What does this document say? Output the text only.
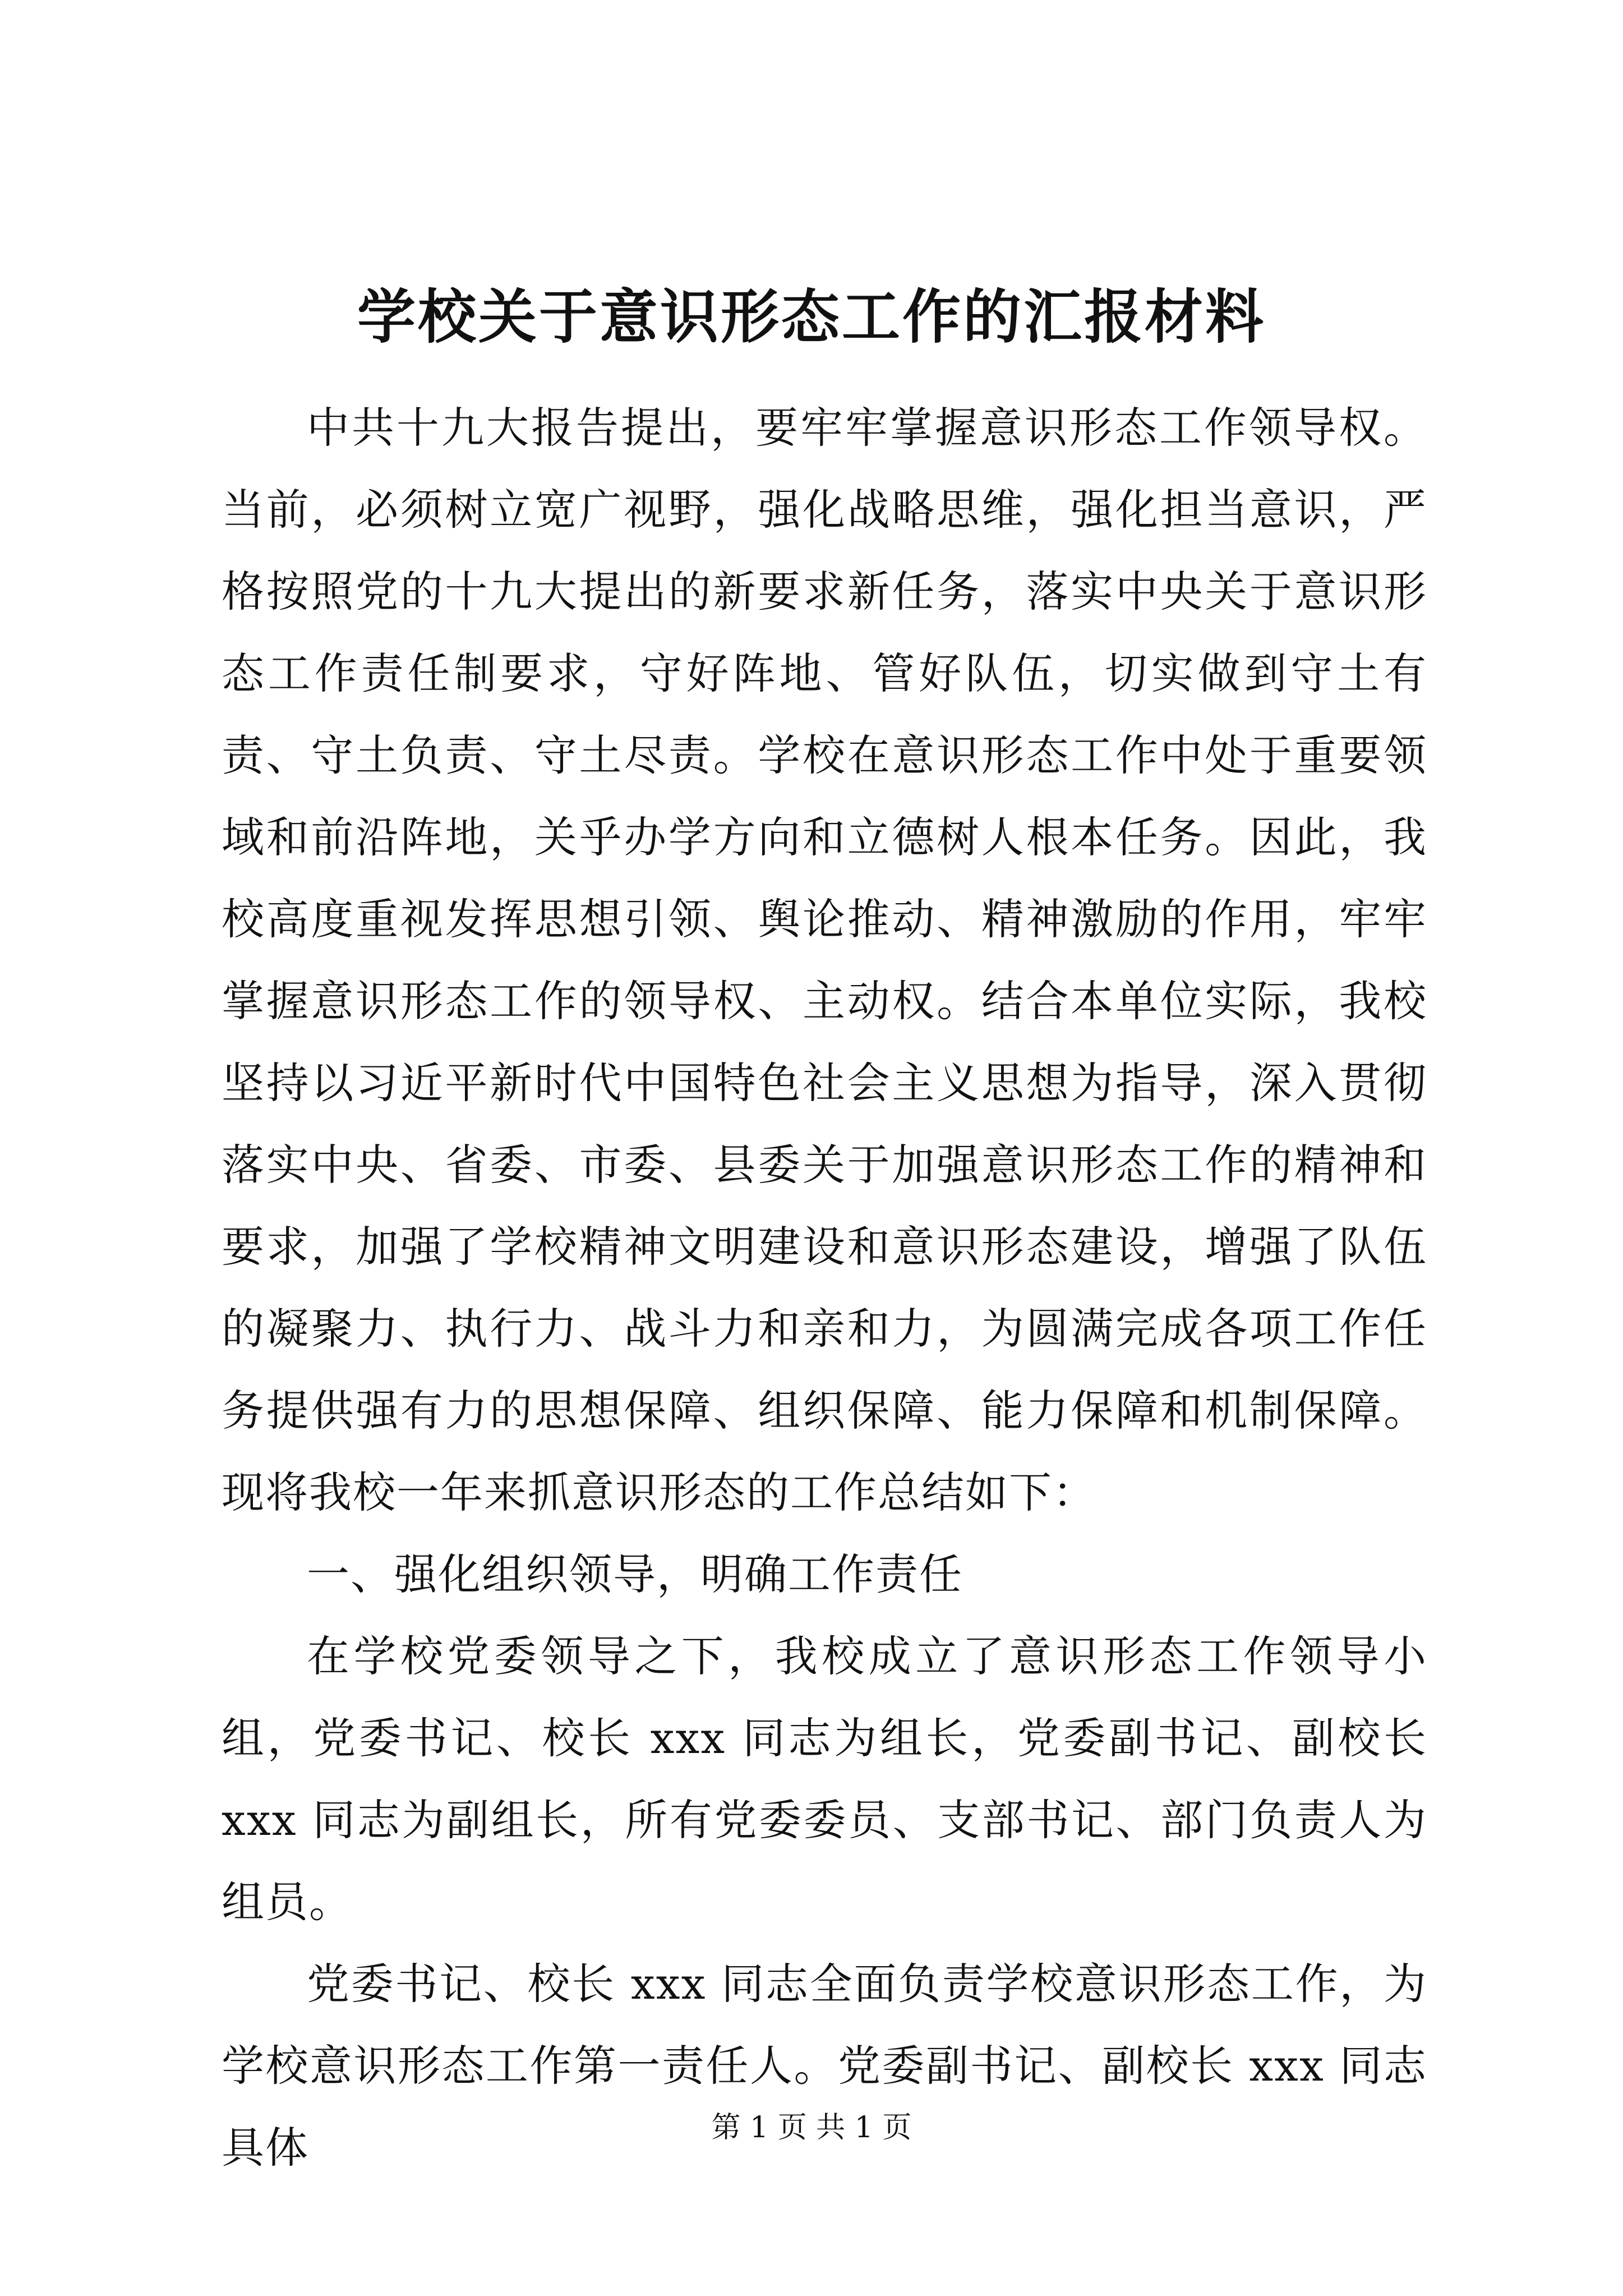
学校关于意识形态工作的汇报材料

中共十九大报告提出，要牢牢掌握意识形态工作领导权。当前，必须树立宽广视野，强化战略思维，强化担当意识，严格按照党的十九大提出的新要求新任务，落实中央关于意识形态工作责任制要求，守好阵地、管好队伍，切实做到守土有责、守土负责、守土尽责。学校在意识形态工作中处于重要领域和前沿阵地，关乎办学方向和立德树人根本任务。因此，我校高度重视发挥思想引领、舆论推动、精神激励的作用，牢牢掌握意识形态工作的领导权、主动权。结合本单位实际，我校坚持以习近平新时代中国特色社会主义思想为指导，深入贯彻落实中央、省委、市委、县委关于加强意识形态工作的精神和要求，加强了学校精神文明建设和意识形态建设，增强了队伍的凝聚力、执行力、战斗力和亲和力，为圆满完成各项工作任务提供强有力的思想保障、组织保障、能力保障和机制保障。现将我校一年来抓意识形态的工作总结如下：

一、强化组织领导，明确工作责任

在学校党委领导之下，我校成立了意识形态工作领导小组，党委书记、校长 xxx 同志为组长，党委副书记、副校长 xxx 同志为副组长，所有党委委员、支部书记、部门负责人为组员。

党委书记、校长 xxx 同志全面负责学校意识形态工作，为学校意识形态工作第一责任人。党委副书记、副校长 xxx 同志具体	第 1 页 共 1 页
